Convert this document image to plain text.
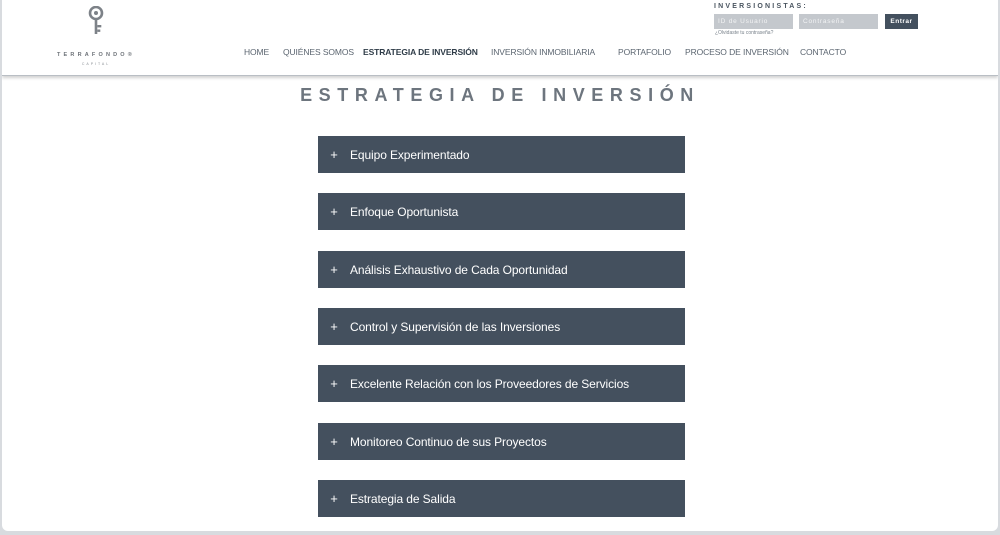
TERRAFONDO®
CAPITAL
HOME QUIÉNES SOMOS ESTRATEGIA DE INVERSIÓN INVERSIÓN INMOBILIARIA	PORTAFOLIO PROCESO DE INVERSIÓN CONTACTO
INVERSIONISTAS:
ID de Usuario
Entrar
¿Olvidaste tu contraseña?
ESTRATEGIA DE INVERSIÓN
+	Equipo Experimentado
+	Enfoque Oportunista
+	Análisis Exhaustivo de Cada Oportunidad
+	Control y Supervisión de las Inversiones
+	Excelente Relación con los Proveedores de Servicios
+	Monitoreo Continuo de sus Proyectos
+	Estrategia de Salida
